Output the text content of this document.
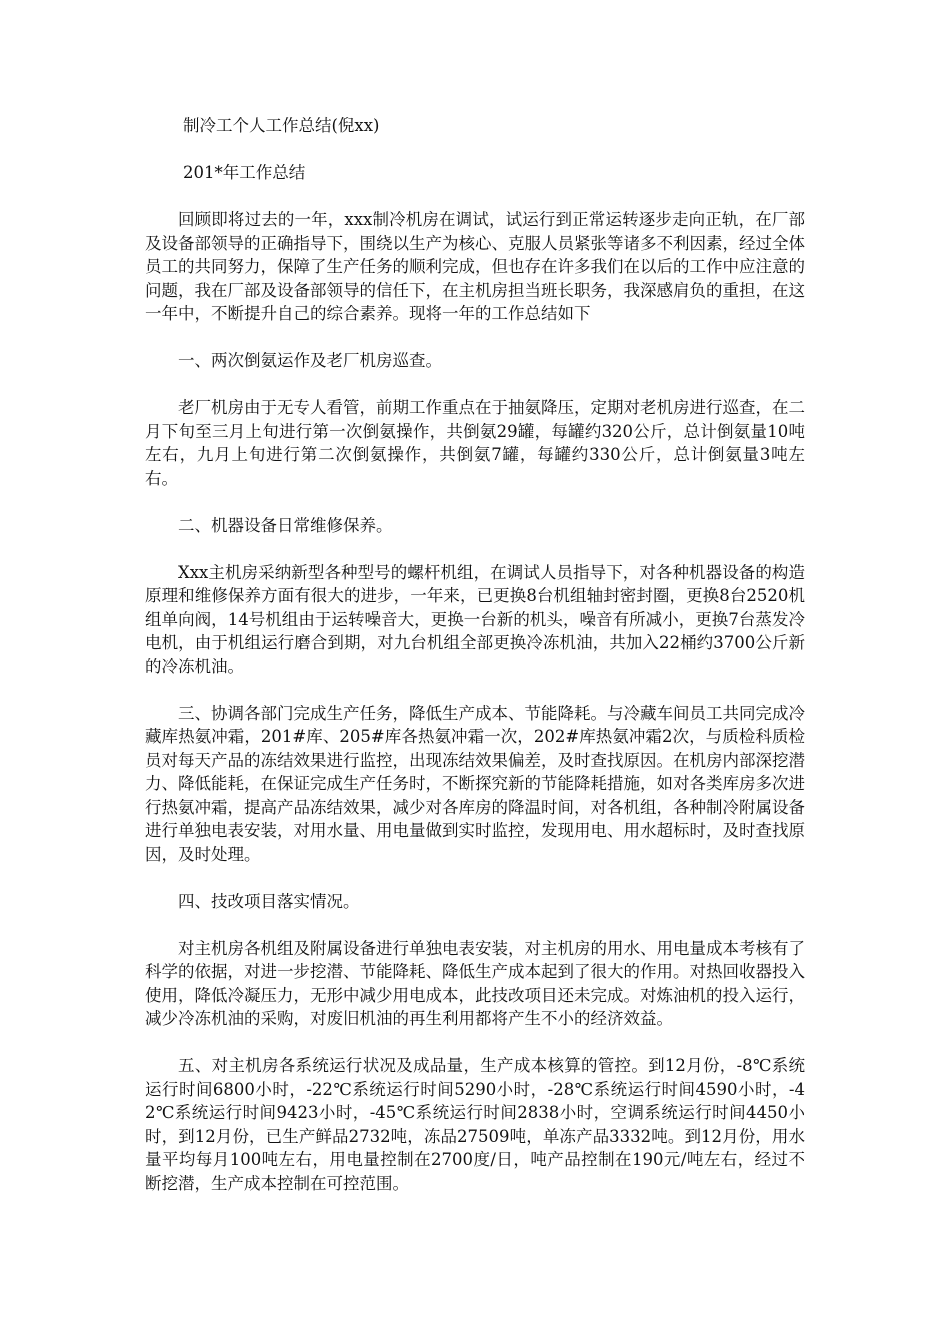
制冷工个人工作总结(倪xx)

201*年工作总结

回顾即将过去的一年，xxx制冷机房在调试，试运行到正常运转逐步走向正轨，在厂部及设备部领导的正确指导下，围绕以生产为核心、克服人员紧张等诸多不利因素，经过全体员工的共同努力，保障了生产任务的顺利完成，但也存在许多我们在以后的工作中应注意的问题，我在厂部及设备部领导的信任下，在主机房担当班长职务，我深感肩负的重担，在这一年中，不断提升自己的综合素养。现将一年的工作总结如下

一、两次倒氨运作及老厂机房巡查。

老厂机房由于无专人看管，前期工作重点在于抽氨降压，定期对老机房进行巡查，在二月下旬至三月上旬进行第一次倒氨操作，共倒氨29罐，每罐约320公斤，总计倒氨量10吨左右，九月上旬进行第二次倒氨操作，共倒氨7罐，每罐约330公斤，总计倒氨量3吨左右。

二、机器设备日常维修保养。

Xxx主机房采纳新型各种型号的螺杆机组，在调试人员指导下，对各种机器设备的构造原理和维修保养方面有很大的进步，一年来，已更换8台机组轴封密封圈，更换8台2520机组单向阀，14号机组由于运转噪音大，更换一台新的机头，噪音有所减小，更换7台蒸发冷电机，由于机组运行磨合到期，对九台机组全部更换冷冻机油，共加入22桶约3700公斤新的冷冻机油。

三、协调各部门完成生产任务，降低生产成本、节能降耗。与冷藏车间员工共同完成冷藏库热氨冲霜，201#库、205#库各热氨冲霜一次，202#库热氨冲霜2次，与质检科质检员对每天产品的冻结效果进行监控，出现冻结效果偏差，及时查找原因。在机房内部深挖潜力、降低能耗，在保证完成生产任务时，不断探究新的节能降耗措施，如对各类库房多次进行热氨冲霜，提高产品冻结效果，减少对各库房的降温时间，对各机组，各种制冷附属设备进行单独电表安装，对用水量、用电量做到实时监控，发现用电、用水超标时，及时查找原因，及时处理。

四、技改项目落实情况。

对主机房各机组及附属设备进行单独电表安装，对主机房的用水、用电量成本考核有了科学的依据，对进一步挖潜、节能降耗、降低生产成本起到了很大的作用。对热回收器投入使用，降低冷凝压力，无形中减少用电成本，此技改项目还未完成。对炼油机的投入运行，减少冷冻机油的采购，对废旧机油的再生利用都将产生不小的经济效益。

五、对主机房各系统运行状况及成品量，生产成本核算的管控。到12月份，-8℃系统运行时间6800小时，-22℃系统运行时间5290小时，-28℃系统运行时间4590小时，-42℃系统运行时间9423小时，-45℃系统运行时间2838小时，空调系统运行时间4450小时，到12月份，已生产鲜品2732吨，冻品27509吨，单冻产品3332吨。到12月份，用水量平均每月100吨左右，用电量控制在2700度/日，吨产品控制在190元/吨左右，经过不断挖潜，生产成本控制在可控范围。
